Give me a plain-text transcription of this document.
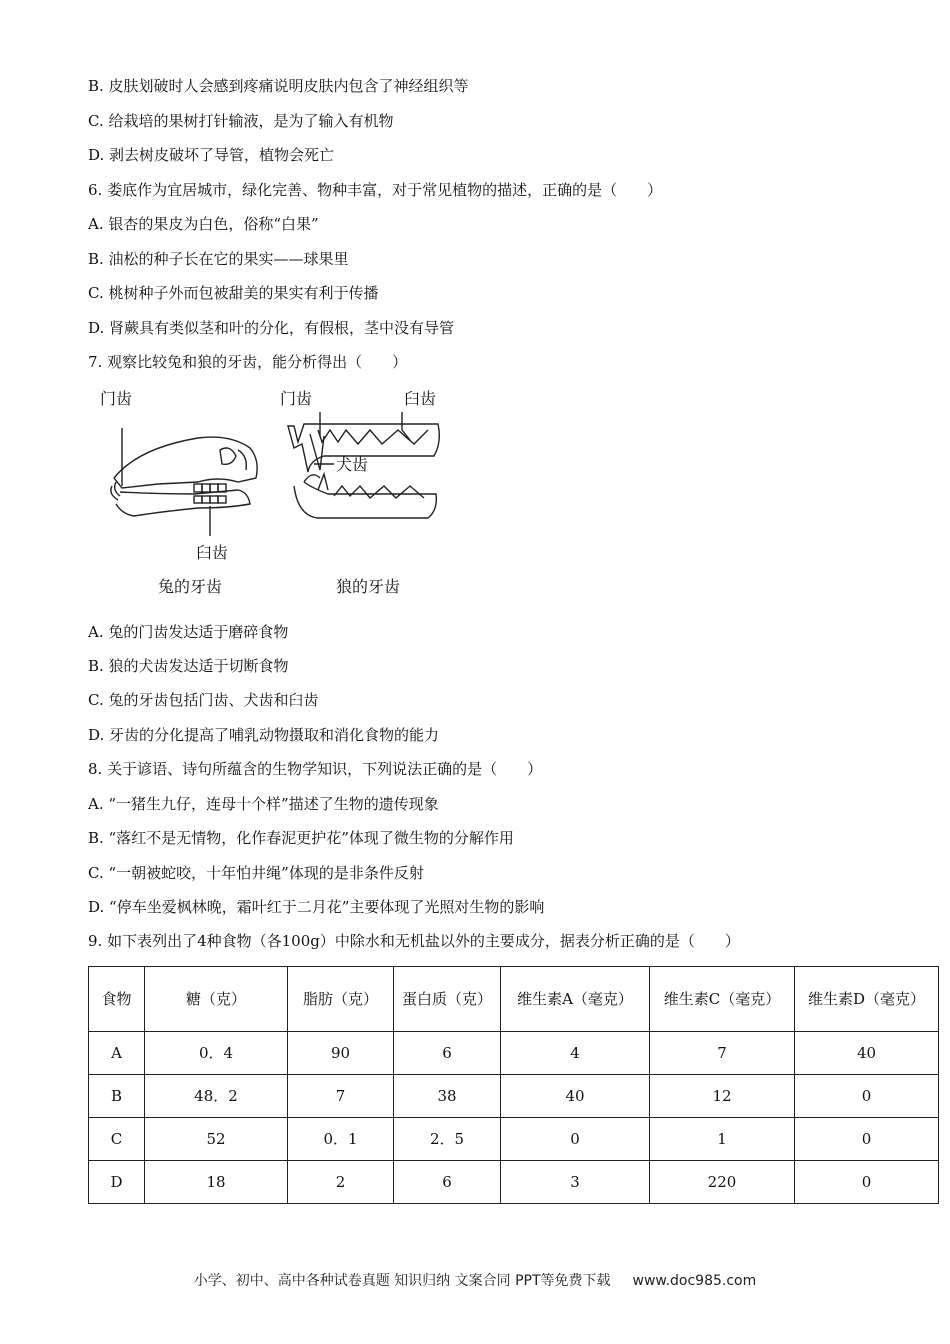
B. 皮肤划破时人会感到疼痛说明皮肤内包含了神经组织等
C. 给栽培的果树打针输液，是为了输入有机物
D. 剥去树皮破坏了导管，植物会死亡
6. 娄底作为宜居城市，绿化完善、物种丰富，对于常见植物的描述，正确的是（　　）
A. 银杏的果皮为白色，俗称“白果”
B. 油松的种子长在它的果实——球果里
C. 桃树种子外而包被甜美的果实有利于传播
D. 肾蕨具有类似茎和叶的分化，有假根，茎中没有导管
7. 观察比较兔和狼的牙齿，能分析得出（　　）
门齿
臼齿
兔的牙齿
门齿	臼齿
犬齿
狼的牙齿
A. 兔的门齿发达适于磨碎食物
B. 狼的犬齿发达适于切断食物
C. 兔的牙齿包括门齿、犬齿和臼齿
D. 牙齿的分化提高了哺乳动物摄取和消化食物的能力
8. 关于谚语、诗句所蕴含的生物学知识，下列说法正确的是（　　）
A. “一猪生九仔，连母十个样”描述了生物的遗传现象
B. “落红不是无情物，化作春泥更护花”体现了微生物的分解作用
C. “一朝被蛇咬，十年怕井绳”体现的是非条件反射
D. “停车坐爱枫林晚，霜叶红于二月花”主要体现了光照对生物的影响
9. 如下表列出了4种食物（各100g）中除水和无机盐以外的主要成分，据表分析正确的是（　　）
食物	糖（克）	脂肪（克）	蛋白质（克）	维生素A（毫克）	维生素C（毫克）	维生素D（毫克）
A	0．4	90	6	4	7	40
B	48．2	7	38	40	12	0
C	52	0．1	2．5	0	1	0
D	18	2	6	3	220	0
小学、初中、高中各种试卷真题 知识归纳 文案合同 PPT等免费下载 www.doc985.com
